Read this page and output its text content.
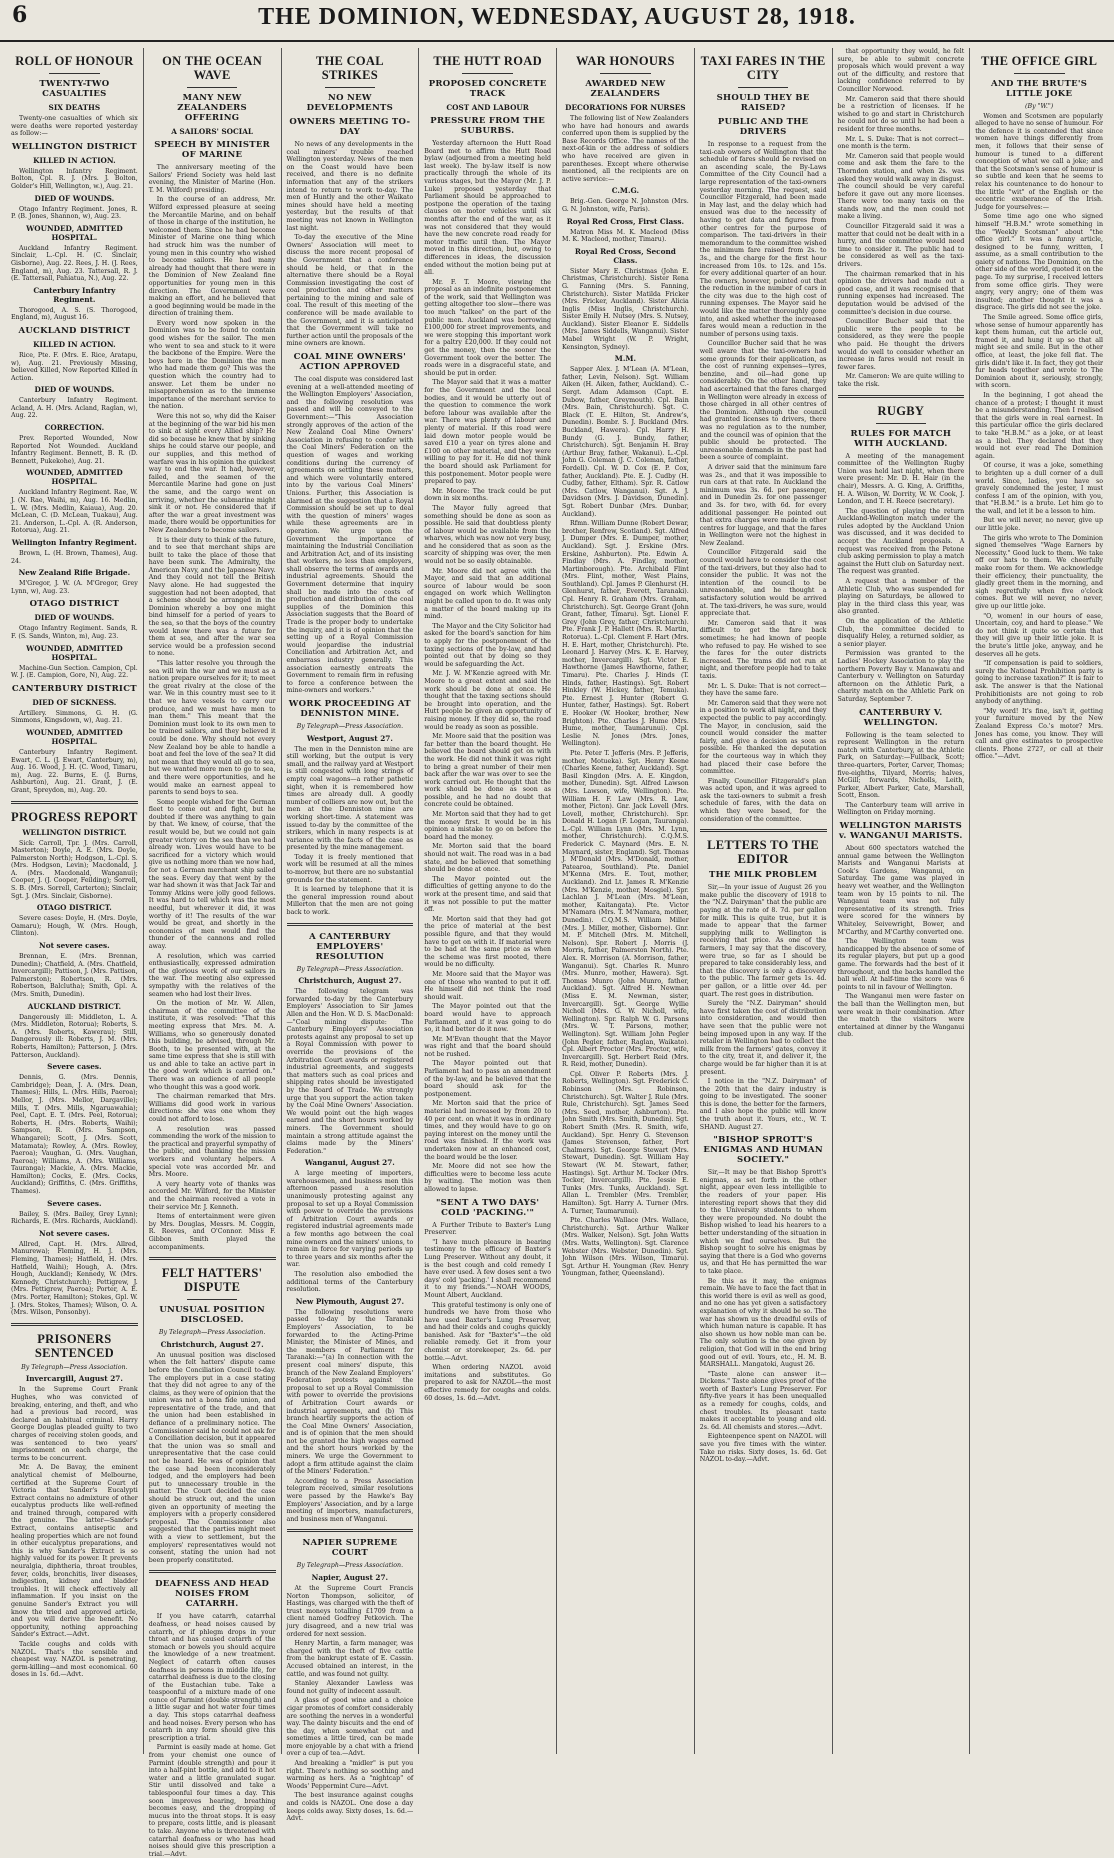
6	THE DOMINION, WEDNESDAY, AUGUST 28, 1918.
ROLL OF HONOUR
TWENTY-TWO CASUALTIES
SIX DEATHS

Twenty-one casualties of which six were deaths were reported yesterday as follow:—

WELLINGTON DISTRICT
KILLED IN ACTION.

Wellington Infantry Regiment. Bolton, Cpl. R. J. (Mrs. J. Bolton, Golder's Hill, Wellington, w.), Aug. 21.

DIED OF WOUNDS.

Otago Infantry Regiment. Jones, R. P. (B. Jones, Shannon, w), Aug. 23.

WOUNDED, ADMITTED HOSPITAL.

Auckland Infantry Regiment. Sinclair, L.-Cpl. H. (C. Sinclair, Gisborne), Aug. 22. Rees, J. H. (J. Rees, England, m), Aug. 23. Tattersall, R. J. (E. Tattersall, Pahiatua, N.), Aug. 22.

Canterbury Infantry Regiment.

Thorogood, A. S. (S. Thorogood, England, m), August 16.

AUCKLAND DISTRICT
KILLED IN ACTION.

Rice, Pte. F. (Mrs. E. Rice, Aratapu, w), Aug. 21. Previously Missing, believed Killed, Now Reported Killed in Action.

DIED OF WOUNDS.

Canterbury Infantry Regiment. Acland, A. H. (Mrs. Acland, Raglan, w), Aug. 22.

CORRECTION.

Prev. Reported Wounded, Now Reported Not Wounded. Auckland Infantry Regiment. Bennett, B. R. (D. Bennett, Pukekohe), Aug. 21.

WOUNDED, ADMITTED HOSPITAL.

Auckland Infantry Regiment. Rae, W. J. (N. Rae, Waihi, m), Aug. 16. Medlin, L. W. (Mrs. Medlin, Kaiaua), Aug. 20. McLean, C. (D. McLean, Tuakau), Aug. 21. Anderson, L.-Cpl. A. (R. Anderson, Rotorua), Aug. 21.

Wellington Infantry Regiment.

Brown, L. (H. Brown, Thames), Aug. 24.

New Zealand Rifle Brigade.

M'Gregor, J. W. (A. M'Gregor, Grey Lynn, w), Aug. 23.

OTAGO DISTRICT
DIED OF WOUNDS.

Otago Infantry Regiment. Sands, R. F. (S. Sands, Winton, m), Aug. 23.

WOUNDED, ADMITTED HOSPITAL.

Machine-Gun Section. Campion, Cpl. W. J. (E. Campion, Gore, N), Aug. 22.

CANTERBURY DISTRICT
DIED OF SICKNESS.

Artillery. Simmons, G. H. (G. Simmons, Kingsdown, w), Aug. 21.

WOUNDED, ADMITTED HOSPITAL.

Canterbury Infantry Regiment. Ewart, C. L. (J. Ewart, Canterbury, m), Aug. 16. Wood, J. H. (C. Wood, Timaru, m), Aug. 22. Burns, E. (J. Burns, Ashburton), Aug. 21. Grant, J. (E. Grant, Spreydon, m), Aug. 20.

PROGRESS REPORT
WELLINGTON DISTRICT.

Sick: Carroll, Tpr. J. (Mrs. Carroll, Masterton); Doyle, A. E. (Mrs. Doyle, Palmerston North); Hodgson, L.-Cpl. S. (Mrs. Hodgson, Levin); Macdonald, J. A. (Mrs. Macdonald, Wanganui); Cooper, J. (J. Cooper, Feilding); Sorrell, S. B. (Mrs. Sorrell, Carterton); Sinclair, Sgt. J. (Mrs. Sinclair, Gisborne).

OTAGO DISTRICT.

Severe cases: Doyle, H. (Mrs. Doyle, Oamaru); Hough, W. (Mrs. Hough, Clinton).

Not severe cases.

Brennan, E. (Mrs. Brennan, Dunedin); Chatfield, A. (Mrs. Chatfield, Invercargill); Pattison, J. (Mrs. Pattison, Palmerston); Robertson, R. (Mrs. Robertson, Balclutha); Smith, Gpl. A. (Mrs. Smith, Dunedin).

AUCKLAND DISTRICT.

Dangerously ill: Middleton, L. A. (Mrs. Middleton, Rotorua); Roberts, S. A. (Mrs. Roberts, Kawerau); Still, Dangerously ill: Roberts, J. M. (Mrs. Roberts, Hamilton); Patterson, J. (Mrs. Patterson, Auckland).

Severe cases.

Dennis, G. (Mrs. Dennis, Cambridge); Dean, J. A. (Mrs. Dean, Thames); Hills, L. (Mrs. Hills, Paeroa); Mellor, J. (Mrs. Mellor, Dargaville); Mills, T. (Mrs. Mills, Ngaruawahia); Peel, Capt. E. T. (Mrs. Peel, Rotorua); Roberts, H. (Mrs. Roberts, Waihi); Sampson, R. (Mrs. Sampson, Whangarei); Scott, J. (Mrs. Scott, Matamata); Rowley, A. (Mrs. Rowley, Paeroa); Vaughan, G. (Mrs. Vaughan, Paeroa); Williams, A. (Mrs. Williams, Tauranga); Mackie, A. (Mrs. Mackie, Hamilton); Cocks, E. (Mrs. Cocks, Auckland); Griffiths, C. (Mrs. Griffiths, Thames).

Severe cases.

Bailey, S. (Mrs. Bailey, Grey Lynn); Richards, E. (Mrs. Richards, Auckland).

Not severe cases.

Allred, Capt. H. (Mrs. Allred, Manurewa); Fleming, H. J. (Mrs. Fleming, Thames); Hatfield, H. (Mrs. Hatfield, Waihi); Hough, A. (Mrs. Hough, Auckland); Kennedy, W. (Mrs. Kennedy, Christchurch); Pettigrew, J. (Mrs. Pettigrew, Paeroa); Porter, A. E. (Mrs. Porter, Hamilton); Stokes, Gpl. W. J. (Mrs. Stokes, Thames); Wilson, O. A. (Mrs. Wilson, Ponsonby).

PRISONERS SENTENCED
By Telegraph—Press Association.
Invercargill, August 27.

In the Supreme Court Frank Hughes, who was convicted of breaking, entering, and theft, and who had a previous bad record, was declared an habitual criminal. Harry George Douglas pleaded guilty to two charges of receiving stolen goods, and was sentenced to two years' imprisonment on each charge, the terms to be concurrent.

Mr. A. De Bavay, the eminent analytical chemist of Melbourne, certified at the Supreme Court of Victoria that Sander's Eucalypti Extract contains no admixture of other eucalyptus products like well-refined and trained through, compared with the genuine. The latter—Sander's Extract, contains antiseptic and healing properties which are not found in other eucalyptus preparations, and this is why Sander's Extract is so highly valued for its power. It prevents neuralgia, diphtheria, throat troubles, fever, colds, bronchitis, liver diseases, indigestion, kidney and bladder troubles. It will check effectively all inflammation. If you insist on the genuine Sander's Extract you will know the tried and approved article, and you will derive the benefit. No opportunity, nothing approaching Sander's Extract.—Advt.

Tackle coughs and colds with NAZOL. That's the sensible and cheapest way. NAZOL is penetrating, germ-killing—and most economical. 60 doses in 1s. 6d.—Advt.

ON THE OCEAN WAVE
MANY NEW ZEALANDERS OFFERING
A SAILORS' SOCIAL
SPEECH BY MINISTER OF MARINE

The anniversary meeting of the Sailors' Friend Society was held last evening, the Minister of Marine (Hon. T. M. Wilford) presiding.

In the course of an address, Mr. Wilford expressed pleasure at seeing the Mercantile Marine, and on behalf of those in charge of the institution, he welcomed them. Since he had become Minister of Marine one thing which had struck him was the number of young men in this country who wished to become sailors. He had many already had thought that there were in the Dominion of New Zealand fine opportunities for young men in this direction. The Government were making an effort, and he believed that a good beginning would be made in the direction of training them.

Every word now spoken in the Dominion was to be found to contain good wishes for the sailor. The men who went to sea and stuck to it were the backbone of the Empire. Were the boys here in the Dominion the men who had made them go? This was the question which the country had to answer. Let them be under no misapprehension as to the immense importance of the merchant service to the nation.

Were this not so, why did the Kaiser at the beginning of the war bid his men to sink at sight every Allied ship? He did so because he knew that by sinking ships he could starve our people, and our supplies, and this method of warfare was in his opinion the quickest way to end the war. It had, however, failed, and the seamen of the Mercantile Marine had gone on just the same, and the cargo went on arriving, whether the submarine might sink it or not. He considered that if after the war a great investment was made, there would be opportunities for New Zealanders to become sailors.

It is their duty to think of the future, and to see that merchant ships are built to take the place of those that have been sunk. The Admiralty, the American Navy, and the Japanese Navy. And they could not tell the British Navy alone. He had suggested the suggestion had not been adopted, that a scheme should be arranged in the Dominion whereby a boy one might bind himself for a period of years to the sea, so that the boys of the country would know there was a future for them at sea, and after the war sea service would be a profession second to none.

"This latter resolve you through the sea will win the war and we must as a nation prepare ourselves for it; to meet the great rivalry at the close of the war. We in this country must see to it that we have vessels to carry our produce, and we must have men to man them." This meant that the Dominion must look to its own men to be trained sailors, and they believed it could be done. Why should not every New Zealand boy be able to handle a boat and feel the love of the sea? It did not mean that they would all go to sea, but we wanted more men to go to sea, and there were opportunities, and he would make an earnest appeal to parents to send boys to sea.

Some people wished for the German fleet to come out and fight, but he doubted if there was anything to gain by that. We knew, of course, that the result would be, but we could not gain greater victory on the sea than we had already won. Lives would have to be sacrificed for a victory which would give us nothing more than we now had, for not a German merchant ship sailed the seas. Every day that went by the war had shown it was that Jack Tar and Tommy Atkins were jolly good fellows. It was hard to tell which was the most needful, but wherever it did, it was worthy of it! The results of the war would be great, and shortly in the economics of men would find the thunder of the cannons and rolled away.

A resolution, which was carried enthusiastically, expressed admiration of the glorious work of our sailors in the war. The meeting also expressed sympathy with the relatives of the seamen who had lost their lives.

On the motion of Mr. W. Allen, chairman of the committee of the institute, it was resolved: "That this meeting express that Mrs. M. A. Williams, who so generously donated this building, be advised, through Mr. Booth, to be presented with, at the same time express that she is still with us and able to take an active part in the good work which is carried on." There was an audience of all people who thought this was a good work.

The chairman remarked that Mrs. Williams did good work in various directions: she was one whom they could not afford to lose.

A resolution was passed commending the work of the mission to the practical and prayerful sympathy of the public, and thanking the mission workers and voluntary helpers. A special vote was accorded Mr. and Mrs. Moore.

A very hearty vote of thanks was accorded Mr. Wilford, for the Minister and the chairman received a vote in their service Mr. J. Kenneth.

Items of entertainment were given by Mrs. Douglas, Messrs. M. Coggin, R. Reeves, and O'Connor. Miss F. Gibbon Smith played the accompaniments.

FELT HATTERS' DISPUTE
UNUSUAL POSITION DISCLOSED.
By Telegraph—Press Association.
Christchurch, August 27.

An unusual position was disclosed when the felt hatters' dispute came before the Conciliation Council to-day. The employers put in a case stating that they did not agree to any of the claims, as they were of opinion that the union was not a bona fide union, and representative of the trade, and that the union had been established in defiance of a preliminary notice. The Commissioner said he could not ask for a Conciliation decision, but it appeared that the union was so small and unrepresentative that the case could not be heard. He was of opinion that the case had been inconsiderately lodged, and the employers had been put to unnecessary trouble in the matter. The Court decided the case should be struck out, and the union given an opportunity of meeting the employers with a properly considered proposal. The Commissioner also suggested that the parties might meet with a view to settlement, but the employers' representatives would not consent, stating the union had not been properly constituted.

DEAFNESS AND HEAD NOISES FROM CATARRH.

If you have catarrh, catarrhal deafness, or head noises caused by catarrh, or if phlegm drops in your throat and has caused catarrh of the stomach or bowels you should acquire the knowledge of a new treatment. Neglect of catarrh often causes deafness in persons in middle life, for catarrhal deafness is due to the closing of the Eustachian tube. Take a teaspoonful of a mixture made of one ounce of Parmint (double strength) and a little sugar and hot water four times a day. This stops catarrhal deafness and head noises. Every person who has catarrh in any form should give this prescription a trial.

Parmint is easily made at home. Get from your chemist one ounce of Parmint (double strength) and pour it into a half-pint bottle, and add to it hot water and a little granulated sugar. Stir until dissolved and take a tablespoonful four times a day. This soon improves hearing, breathing becomes easy, and the dropping of mucus into the throat stops. It is easy to prepare, costs little, and is pleasant to take. Anyone who is threatened with catarrhal deafness or who has head noises should give this prescription a trial.—Advt.

THE COAL STRIKES
NO NEW DEVELOPMENTS
OWNERS MEETING TO-DAY

No news of any developments in the coal miners' trouble reached Wellington yesterday. News of the men on the Coast would have been received, and there is no definite information that any of the strikers intend to return to work to-day. The men of Huntly and the other Waikato mines should have held a meeting yesterday, but the results of that meeting was not known in Wellington last night.

To-day the executive of the Mine Owners' Association will meet to discuss the more recent proposal of the Government that a conference should be held, or that in the alternative there should be a Royal Commission investigating the cost of coal production and other matters pertaining to the mining and sale of coal. The result of this meeting of the conference will be made available to the Government, and it is anticipated that the Government will take no further action until the proposals of the mine owners are known.

COAL MINE OWNERS' ACTION APPROVED

The coal dispute was considered last evening at a well-attended meeting of the Wellington Employers' Association, and the following resolution was passed and will be conveyed to the Government:—"This Association strongly approves of the action of the New Zealand Coal Mine Owners' Association in refusing to confer with the Coal Miners' Federation on the question of wages and working conditions during the currency of agreements on settling these matters, and which were voluntarily entered into by the various Coal Miners' Unions. Further, this Association is alarmed at the suggestion that a Royal Commission should be set up to deal with the question of miners' wages while these agreements are in operation. We urge upon the Government the importance of maintaining the Industrial Conciliation and Arbitration Act, and of its insisting that workers, no less than employers, shall observe the terms of awards and industrial agreements. Should the Government determine that inquiry shall be made into the costs of production and distribution of the coal supplies of the Dominion this Association suggests that the Board of Trade is the proper body to undertake the inquiry, and it is of opinion that the setting up of a Royal Commission would jeopardise the industrial Conciliation and Arbitration Act, and embarrass industry generally. This association earnestly entreats the Government to remain firm in refusing to force a conference between the mine-owners and workers."

WORK PROCEEDING AT DENNISTON MINE.
By Telegraph—Press Association.
Westport, August 27.

The men in the Denniston mine are still working, but the output is very small, and the railway yard at Westport is still congested with long strings of empty coal wagons—a rather pathetic sight, when it is remembered how times are already dull. A goodly number of colliers are now out, but the men at the Denniston mine are working short-time. A statement was issued to-day by the committee of the strikers, which in many respects is at variance with the facts of the case as presented by the mine management.

Today it is freely mentioned that work will be resumed at all the mines to-morrow, but there are no substantial grounds for the statement.

It is learned by telephone that it is the general impression round about Millerton that the men are not going back to work.

A CANTERBURY EMPLOYERS' RESOLUTION
By Telegraph—Press Association.
Christchurch, August 27.

The following telegram was forwarded to-day by the Canterbury Employers' Association to Sir James Allen and the Hon. W. D. S. MacDonald:—"Coal mining dispute: The Canterbury Employers' Association protests against any proposal to set up a Royal Commission with power to override the provisions of the Arbitration Court awards or registered industrial agreements, and suggests that matters such as coal prices and shipping rates should be investigated by the Board of Trade. We strongly urge that you support the action taken by the Coal Mine Owners' Association. We would point out the high wages earned and the short hours worked by miners. The Government should maintain a strong attitude against the claims made by the Miners' Federation."

Wanganui, August 27.

A large meeting of importers, warehousemen, and business men this afternoon passed a resolution unanimously protesting against any proposal to set up a Royal Commission with power to override the provisions of Arbitration Court awards or registered industrial agreements made a few months ago between the coal mine owners and the miners' unions, to remain in force for varying periods up to three years and six months after the war.

The resolution also embodied the additional terms of the Canterbury resolution.

New Plymouth, August 27.

The following resolutions were passed to-day by the Taranaki Employers' Association, to be forwarded to the Acting-Prime Minister, the Minister of Mines, and the members of Parliament for Taranaki:—"(a) In connection with the present coal miners' dispute, this branch of the New Zealand Employers' Federation protests against the proposal to set up a Royal Commission with power to override the provisions of Arbitration Court awards or industrial agreements, and (b) This branch heartily supports the action of the Coal Mine Owners' Association, and is of opinion that the men should not be granted the high wages earned and the short hours worked by the miners. We urge the Government to adopt a firm attitude against the claim of the Miners' Federation."

According to a Press Association telegram received, similar resolutions were passed by the Hawke's Bay Employers' Association, and by a large meeting of importers, manufacturers, and business men of Wanganui.

NAPIER SUPREME COURT
By Telegraph—Press Association.
Napier, August 27.

At the Supreme Court Francis Norton Thompson, solicitor, of Hastings, was charged with the theft of trust moneys totalling £1709 from a client named Godfrey Petkovich. The jury disagreed, and a new trial was ordered for next session.

Henry Martin, a farm manager, was charged with the theft of five cattle from the bankrupt estate of E. Cassin. Accused obtained an interest, in the cattle, and was found not guilty.

Stanley Alexander Lawless was found not guilty of indecent assault.

A glass of good wine and a choice cigar promotes of comfort considerably are soothing the nerves in a wonderful way. The dainty biscuits and the end of the day, when somewhat cut and sometimes a little tired, can be made more enjoyable by a chat with a friend over a cup of tea.—Advt.

And breaking a "midler" is put you right. There's nothing so soothing and warming as hers. As a "nightcap" of Woods' Peppermint Cure—Advt.

The best insurance against coughs and colds is NAZOL. One dose a day keeps colds away. Sixty doses, 1s. 6d.—Advt.

THE HUTT ROAD
PROPOSED CONCRETE TRACK
COST AND LABOUR
PRESSURE FROM THE SUBURBS.

Yesterday afternoon the Hutt Road Board met to affirm the Hutt Road bylaw (adjourned from a meeting held last week). The by-law itself is now practically through the whole of its various stages, but the Mayor (Mr. J. P. Luke) proposed yesterday that Parliament should be approached to postpone the operation of the taxing clauses on motor vehicles until six months after the end of the war, as it was not considered that they would have the new concrete road ready for motor traffic until then. The Mayor moved in this direction, but, owing to differences in ideas, the discussion ended without the motion being put at all.

Mr. F. T. Moore, viewing the proposal as an indefinite postponement of the work, said that Wellington was getting altogether too slow—there was too much "talkee" on the part of the public men. Auckland was borrowing £100,000 for street improvements, and we were stopping this important work for a paltry £20,000. If they could not get the money, then the sooner the Government took over the better. The roads were in a disgraceful state, and should be put in order.

The Mayor said that it was a matter for the Government and the local bodies, and it would be utterly out of the question to commence the work before labour was available after the war. There was plenty of labour and plenty of material. If this road were laid down motor people would be saved £10 a year on tyres alone and £100 on other material, and they were willing to pay for it. He did not think the board should ask Parliament for this postponement. Motor people were prepared to pay.

Mr. Moore: The track could be put down in six months.

The Mayor fully agreed that something should be done as soon as possible. He said that doubtless plenty of labour would be available from the wharves, which was now not very busy, and he considered that as soon as the scarcity of shipping was over, the men would not be so easily obtainable.

Mr. Moore did not agree with the Mayor, and said that an additional source of labour would be soon engaged on work which Wellington might be called upon to do. It was only a matter of the board making up its mind.

The Mayor and the City Solicitor had asked for the board's sanction for him to apply for the postponement of the taxing sections of the by-law, and had pointed out that by doing so they would be safeguarding the Act.

Mr. J. W. M'Kenzie agreed with Mr. Moore to a great extent and said the work should be done at once. He thought that the taxing sections should be brought into operation, and the Hutt people be given an opportunity of raising money. If they did so, the road would be ready as soon as possible.

Mr. Moore said that the position was far better than the board thought. He believed the board should get on with the work. He did not think it was right to bring a great number of their men back after the war was over to see the work carried out. He thought that the work should be done as soon as possible, and he had no doubt that concrete could be obtained.

Mr. Morton said that they had to get the money first. It would be in his opinion a mistake to go on before the board had the money.

Mr. Morton said that the board should not wait. The road was in a bad state, and he believed that something should be done at once.

The Mayor pointed out the difficulties of getting anyone to do the work at the present time, and said that it was not possible to put the matter off.

Mr. Morton said that they had got the price of material at the best possible figure, and that they would have to get on with it. If material were to be had at the same price as when the scheme was first mooted, there would be no difficulty.

Mr. Moore said that the Mayor was one of those who wanted to put it off. He himself did not think the road should wait.

The Mayor pointed out that the board would have to approach Parliament, and if it was going to do so, it had better do it now.

Mr. M'Evan thought that the Mayor was right and that the board should not be rushed.

The Mayor pointed out that Parliament had to pass an amendment of the by-law, and he believed that the board should ask for the postponement.

Mr. Morton said that the price of material had increased by from 20 to 40 per cent. on what it was in ordinary times, and they would have to go on paying interest on the money until the road was finished. If the work was undertaken now at an enhanced cost, the board would be the loser.

Mr. Moore did not see how the difficulties were to become less acute by waiting. The motion was then allowed to lapse.

"SENT A TWO DAYS' COLD 'PACKING.'"

A Further Tribute to Baxter's Lung Preserver.

"I have much pleasure in bearing testimony to the efficacy of Baxter's Lung Preserver. Without any doubt, it is the best cough and cold remedy I have ever used. A few doses sent a two days' cold 'packing.' I shall recommend it to my friends."—NOAH WOODS, Mount Albert, Auckland.

This grateful testimony is only one of hundreds we have from those who have used Baxter's Lung Preserver, and had their colds and coughs quickly banished. Ask for "Baxter's"—the old reliable remedy. Get it from your chemist or storekeeper, 2s. 6d. per bottle.—Advt.

When ordering NAZOL avoid imitations and substitutes. Go prepared to ask for NAZOL—the most effective remedy for coughs and colds. 60 doses, 1s. 6d.—Advt.

WAR HONOURS
AWARDED NEW ZEALANDERS
DECORATIONS FOR NURSES

The following list of New Zealanders who have had honours and awards conferred upon them is supplied by the Base Records Office. The names of the next-of-kin or the address of soldiers who have received are given in parentheses. Except where otherwise mentioned, all the recipients are on active service:—

C.M.G.

Brig.-Gen. George N. Johnston (Mrs. G. N. Johnston, wife, Paris).

Royal Red Cross, First Class.

Matron Miss M. K. Macleod (Miss M. K. Macleod, mother, Timaru).

Royal Red Cross, Second Class.

Sister Mary E. Christmas (John E. Christmas, Christchurch). Sister Rena G. Fanning (Mrs. S. Fanning, Christchurch). Sister Matilda Fricker (Mrs. Fricker, Auckland). Sister Alicia Inglis (Miss Inglis, Christchurch). Sister Emily H. Nutsey (Mrs. S. Nutsey, Auckland). Sister Eleanor E. Siddells (Mrs. James Siddells, Wanganui). Sister Mabel Wright (W. P. Wright, Kensington, Sydney).

M.M.

Sapper Alex. J. M'Lean (A. M'Lean, father, Levin, Nelson). Sgt. William Aiken (H. Aiken, father, Auckland). C.-Sergt. Adam Adamson (Capt. E. Dubow, father, Greymouth). Cpl. Bain (Mrs. Bain, Christchurch). Sgt. C. Black (T. E. Hilton, St. Andrew's, Dunedin). Bombr. S. J. Buckland (Mrs. Buckland, Hawera). Cpl. Harry H. Bundy (G. J. Bundy, father, Christchurch). Sgt. Benjamin H. Bray (Arthur Bray, father, Wakanui). L.-Cpl. John G. Coleman (J. C. Coleman, father, Fordell). Cpl. W. D. Cox (E. P. Cox, father, Auckland). Pte. E. J. Cudby (H. Cudby, father, Eltham). Spr. R. Catlow (Mrs. Catlow, Wanganui). Sgt. A. J. Davidson (Mrs. J. Davidson, Dunedin). Sgt. Robert Dunbar (Mrs. Dunbar, Auckland).

Rfmn. William Dunne (Robert Dewar, brother, Renfrew, Scotland). Sgt. Alfred J. Dumper (Mrs. E. Dumper, mother, Auckland). Sgt. J. Erskine (Mrs. Erskine, Ashburton). Pte. Edwin A. Findlay (Mrs. A. Findlay, mother, Martinborough). Pte. Archibald Flint (Mrs. Flint, mother, West Plains, Southland). Cpl. James P. Glenhurst (H. Glenhurst, father, Everett, Taranaki). Cpl. Henry R. Graham (Mrs. Graham, Christchurch). Sgt. George Grant (John Grant, father, Timaru). Sgt. Lionel F. Grey (John Grey, father, Christchurch). Pte. Frank J. P. Hallett (Mrs. R. Martin, Rotorua). L.-Cpl. Clement F. Hart (Mrs. H. E. Hart, mother, Christchurch). Pte. Leonard J. Harvey (Mrs. K. E. Harvey, mother, Invercargill). Sgt. Victor E. Hawthorne (James Hawthorne, father, Timaru). Pte. Charles J. Hinds (T. Hinds, father, Hastings). Sgt. Robert Hinkley (W. Hickey, father, Temuka). Pte. Ernest J. Hunter (Robert G. Hunter, father, Hastings). Sgt. Robert E. Hooker (W. Hooker, brother, New Brighton). Pte. Charles J. Hume (Mrs. Hume, mother, Taumarunui). Cpl. Leslie N. Jones (Mrs. Jones, Wellington).

Pte. Peter T. Jefferis (Mrs. P. Jefferis, mother, Motueka). Sgt. Henry Keene (Charles Keene, father, Auckland). Sgt. Basil Kingdon (Mrs. A. E. Kingdon, mother, Dunedin). Sgt. Alfred Lawson (Mrs. Lawson, wife, Wellington). Pte. William H. F. Law (Mrs. R. Law, mother, Picton). Gnr. Jack Lovell (Mrs. Lovell, mother, Christchurch). Spr. Donald H. Logan (F. Logan, Tauranga). L.-Cpl. William Lynn (Mrs. M. Lynn, mother, Christchurch). C.Q.M.S. Frederick C. Maynard (Mrs. E. N. Maynard, sister, England). Sgt. Thomas J. M'Donald (Mrs. M'Donald, mother, Patearoa, Southland). Pte. Daniel M'Kenna (Mrs. E. Tout, mother, Auckland). 2nd Lt. James R. M'Kenzie (Mrs. M'Kenzie, mother, Mosgiel). Spr. Lachlan J. M'Lean (Mrs. M'Lean, mother, Kaitangata). Pte. Victor M'Namara (Mrs. T. M'Namara, mother, Dunedin). C.Q.M.S. William Miller (Mrs. J. Miller, mother, Gisborne). Gnr. M. P. Mitchell (Mrs. M. Mitchell, Nelson). Spr. Robert J. Morris (J. Morris, father, Palmerston North). Pte. Alex. R. Morrison (A. Morrison, father, Wanganui). Sgt. Charles R. Munro (Mrs. Munro, mother, Hawera). Sgt. Thomas Munro (John Munro, father, Auckland). Sgt. Alfred H. Newman (Miss E. M. Newman, sister, Invercargill). Sgt. George Wyllie Nicholl (Mrs. G. W. Nicholl, wife, Wellington). Spr. Ralph W. G. Parsons (Mrs. W. T. Parsons, mother, Wellington). Sgt. William John Pegler (John Pegler, father, Raglan, Waikato). Cpl. Albert Proctor (Mrs. Proctor, wife, Invercargill). Sgt. Herbert Reid (Mrs. R. Reid, mother, Dunedin).

Cpl. Oliver P. Roberts (Mrs. J. Roberts, Wellington). Sgt. Frederick C. Robinson (Mrs. Robinson, Christchurch). Sgt. Walter J. Rule (Mrs. Rule, Christchurch). Sgt. James Seed (Mrs. Seed, mother, Ashburton). Pte. John Smith (Mrs. Smith, Dunedin). Sgt. Robert Smith (Mrs. R. Smith, wife, Auckland). Spr. Henry G. Stevenson (James Stevenson, father, Port Chalmers). Sgt. George Stewart (Mrs. Stewart, Dunedin). Sgt. William Hay Stewart (W. M. Stewart, father, Hastings). Sgt. Arthur M. Tocker (Mrs. Tocker, Invercargill). Pte. Jessie E. Tunks (Mrs. Tunks, Auckland). Sgt. Allan L. Trembler (Mrs. Trembler, Hamilton). Sgt. Harry A. Turner (Mrs. A. Turner, Taumarunui).

Pte. Charles Wallace (Mrs. Wallace, Christchurch). Sgt. Arthur Walker (Mrs. Walker, Nelson). Sgt. John Watts (Mrs. Watts, Wellington). Sgt. Clarence Webster (Mrs. Webster, Dunedin). Sgt. John Wilson (Mrs. Wilson, Timaru). Sgt. Arthur H. Youngman (Rev. Henry Youngman, father, Queensland).

TAXI FARES IN THE CITY
SHOULD THEY BE RAISED?
PUBLIC AND THE DRIVERS

In response to a request from the taxi-cab owners of Wellington that the schedule of fares should be revised on an ascending scale, the By-Laws Committee of the City Council had a large representation of the taxi-owners yesterday morning. The request, said Councillor Fitzgerald, had been made in May last, and the delay which had ensued was due to the necessity of having to get data and figures from other centres for the purpose of comparison. The taxi-drivers in their memorandum to the committee wished the minimum fare raised from 2s. to 3s., and the charge for the first hour increased from 10s. to 12s. and 15s. for every additional quarter of an hour. The owners, however, pointed out that the reduction in the number of cars in the city was due to the high cost of running expenses. The Mayor said he would like the matter thoroughly gone into, and asked whether the increased fares would mean a reduction in the number of persons using taxis.

Councillor Bucher said that he was well aware that the taxi-owners had some grounds for their application, as the cost of running expenses—tyres, benzine, and oil—had gone up considerably. On the other hand, they had ascertained that the fares charged in Wellington were already in excess of those charged in all other centres of the Dominion. Although the council had granted licenses to drivers, there was no regulation as to the number, and the council was of opinion that the public should be protected. The unreasonable demands in the past had been a source of complaint.

A driver said that the minimum fare was 2s., and that it was impossible to run cars at that rate. In Auckland the minimum was 3s. 6d. per passenger, and in Dunedin 2s. for one passenger and 3s. for two, with 6d. for every additional passenger. He pointed out that extra charges were made in other centres for luggage, and that the fares in Wellington were not the highest in New Zealand.

Councillor Fitzgerald said the council would have to consider the cost of the taxi-drivers, but they also had to consider the public. It was not the intention of the council to be unreasonable, and he thought a satisfactory solution would be arrived at. The taxi-drivers, he was sure, would appreciate that.

Mr. Cameron said that it was difficult to get the fare back sometimes; he had known of people who refused to pay. He wished to see the fares for the outer districts increased. The trams did not run at night, and therefore people had to take taxis.

Mr. L. S. Duke: That is not correct—they have the same fare.

Mr. Cameron said that they were not in a position to work all night, and they expected the public to pay accordingly. The Mayor, in conclusion, said the council would consider the matter fairly, and give a decision as soon as possible. He thanked the deputation for the courteous way in which they had placed their case before the committee.

Finally, Councillor Fitzgerald's plan was acted upon, and it was agreed to ask the taxi-owners to submit a fresh schedule of fares, with the data on which they were based, for the consideration of the committee.

LETTERS TO THE EDITOR
THE MILK PROBLEM

Sir,—In your issue of August 26 you make public the discovery of 1918 to the "N.Z. Dairyman" that the public are paying at the rate of 8. 7d. per gallon for milk. This is quite true, but it is made to appear that the farmer supplying milk to Wellington is receiving that price. As one of the farmers, I may say that the discovery, were true, so far as I should be prepared to take considerably less, and that the discovery is only a discovery to the public. The farmer gets 1s. 4d. per gallon, or a little over 4d. per quart. The rest goes in distribution.

Surely the "N.Z. Dairyman" should have first taken the cost of distribution into consideration, and would then have seen that the public were not being imposed upon in any way. If the retailer in Wellington had to collect the milk from the farmers' gates, convey it to the city, treat it, and deliver it, the charge would be far higher than it is at present.

I notice in the "N.Z. Dairyman" of the 20th that the dairy industry is going to be investigated. The sooner this is done, the better for the farmers, and I also hope the public will know the truth about it. Yours, etc., W. T. SHAND. August 27.

"BISHOP SPROTT'S ENIGMAS AND HUMAN SOCIETY."

Sir,—It may be that Bishop Sprott's enigmas, as set forth in the other night, appear even less intelligible to the readers of your paper. His interesting report shows that they did to the University students to whom they were propounded. No doubt the Bishop wished to lead his hearers to a better understanding of the situation in which we find ourselves. But the Bishop sought to solve his enigmas by saying that there is a God who governs us, and that He has permitted the war to take place.

Be this as it may, the enigmas remain. We have to face the fact that in this world there is evil as well as good, and no one has yet given a satisfactory explanation of why it should be so. The war has shown us the dreadful evils of which human nature is capable. It has also shown us how noble man can be. The only solution is the one given by religion, that God will in the end bring good out of evil. Yours, etc., H. M. B. MARSHALL. Mangatoki, August 26.

"Taste alone can answer it—Dickens." Taste alone gives proof of the worth of Baxter's Lung Preserver. For fifty-five years it has been unequalled as a remedy for coughs, colds, and chest troubles. Its pleasant taste makes it acceptable to young and old. 2s. 6d. All chemists and stores.—Advt.

Eighteenpence spent on NAZOL will save you five times with the winter. Take no risks. Sixty doses, 1s. 6d. Get NAZOL to-day.—Advt.

that opportunity they would, he felt sure, be able to submit concrete proposals which would prevent a way out of the difficulty, and restore that lacking confidence referred to by Councillor Norwood.

Mr. Cameron said that there should be a restriction of licenses. If he wished to go and start in Christchurch he could not do so until he had been a resident for three months.

Mr. L. S. Duke: That is not correct—one month is the term.

Mr. Cameron said that people would come and ask them the fare to the Thorndon station, and when 2s. was asked they would walk away in disgust. The council should be very careful before it gave out any more licenses. There were too many taxis on the stands now, and the men could not make a living.

Councillor Fitzgerald said it was a matter that could not be dealt with in a hurry, and the committee would need time to consider it. The public had to be considered as well as the taxi-drivers.

The chairman remarked that in his opinion the drivers had made out a good case, and it was recognised that running expenses had increased. The deputation would be advised of the committee's decision in due course.

Councillor Bucher said that the public were the people to be considered, as they were the people who paid. He thought the drivers would do well to consider whether an increase in fares would not result in fewer fares.

Mr. Cameron: We are quite willing to take the risk.

RUGBY
RULES FOR MATCH WITH AUCKLAND.

A meeting of the management committee of the Wellington Rugby Union was held last night, when there were present: Mr. D. H. Hair (in the chair), Messrs. A. G. King, A. Griffiths, H. A. Wilson, W. Dorrity, W. W. Cook, J. London, and T. H. Reece (secretary).

The question of playing the return Auckland-Wellington match under the rules adopted by the Auckland Union was discussed, and it was decided to accept the Auckland proposals. A request was received from the Petone club asking permission to play a match against the Hutt club on Saturday next. The request was granted.

A request that a member of the Athletic Club, who was suspended for playing on Saturdays, be allowed to play in the third class this year, was also granted.

On the application of the Athletic Club, the committee decided to disqualify Heley, a returned soldier, as a senior player.

Permission was granted to the Ladies' Hockey Association to play the northern Poverty Bay v. Manawatu and Canterbury v. Wellington on Saturday afternoon on the Athletic Park, a charity match on the Athletic Park on Saturday, September 7.

CANTERBURY V. WELLINGTON.

Following is the team selected to represent Wellington in the return match with Canterbury, at the Athletic Park, on Saturday:—Fullback, Scott; three-quarters, Porter, Carver, Thomas; five-eighths, Tilyard, Morris; halves, McGill; forwards, Nicholls, Leith, Parker, Albert Parker, Cate, Marshall, Scott, Enson.

The Canterbury team will arrive in Wellington on Friday morning.

WELLINGTON MARISTS v. WANGANUI MARISTS.

About 600 spectators watched the annual game between the Wellington Marists and Wanganui Marists at Cook's Gardens, Wanganui, on Saturday. The game was played in heavy wet weather, and the Wellington team won by 15 points to nil. The Wanganui team was not fully representative of its strength. Tries were scored for the winners by Whiteley, Seivewright, Bower, and M'Carthy, and M'Carthy converted one.

The Wellington team was handicapped by the absence of some of its regular players, but put up a good game. The forwards had the best of it throughout, and the backs handled the ball well. At half-time the score was 6 points to nil in favour of Wellington.

The Wanganui men were faster on the ball than the Wellington men, but were weak in their combination. After the match the visitors were entertained at dinner by the Wanganui club.

THE OFFICE GIRL
AND THE BRUTE'S LITTLE JOKE
(By "W.")

Women and Scotsmen are popularly alleged to have no sense of humour. For the defence it is contended that since women have things differently from men, it follows that their sense of humour is tuned to a different conception of what we call a joke; and that the Scotsman's sense of humour is so subtle and keen that he seems to relax his countenance to do honour to the little "wit" of the English or the eccentric exuberance of the Irish. Judge for yourselves:—

Some time ago one who signed himself "H.B.M." wrote something in the "Weekly Scotsman" about "the office girl." It was a funny article, designed to be funny, written, I assume, as a small contribution to the gaiety of nations. The Dominion, on the other side of the world, quoted it on the page. To my surprise, I received letters from some office girls. They were angry, very angry; one of them was insulted; another thought it was a disgrace. The girls did not see the joke.

The Smile agreed. Some office girls, whose sense of humour apparently has kept them human, cut the article out, framed it, and hung it up so that all might see and smile. But in the other office, at least, the joke fell flat. The girls didn't like it. In fact, they got their fur heads together and wrote to The Dominion about it, seriously, strongly, with scorn.

In the beginning, I got ahead the chance of a protest; I thought it must be a misunderstanding. Then I realised that the girls were in real earnest. In this particular office the girls declared to take "H.B.M." as a joke, or at least as a libel. They declared that they would not ever read The Dominion again.

Of course, it was a joke, something to brighten up a dull corner of a dull world. Since, ladies, you have so gravely condemned the jester, I must confess I am of the opinion, with you, that "H.B.M." is a brute. Let him go to the wall, and let it be a lesson to him.

But we will never, no never, give up our little joke.

The girls who wrote to The Dominion signed themselves "Wage Earners by Necessity." Good luck to them. We take off our hats to them. We cheerfully make room for them. We acknowledge their efficiency, their punctuality, the gladly greet them in the morning, and sigh regretfully when five o'clock comes. But we will never, no never, give up our little joke.

"O, women! in our hours of ease, Uncertain, coy, and hard to please." We do not think it quite so certain that they will give up their little joke. It is the brute's little joke, anyway, and he deserves all he gets.

"If compensation is paid to soldiers, surely the National Prohibition party is going to increase taxation?" It is fair to ask. The answer is that the National Prohibitionists are not going to rob anybody of anything.

"My word! It's fine, isn't it, getting your furniture moved by the New Zealand Express Co.'s motor? Mrs. Jones has come, you know. They will call and give estimates to prospective clients. Phone 2727, or call at their office."—Advt.
